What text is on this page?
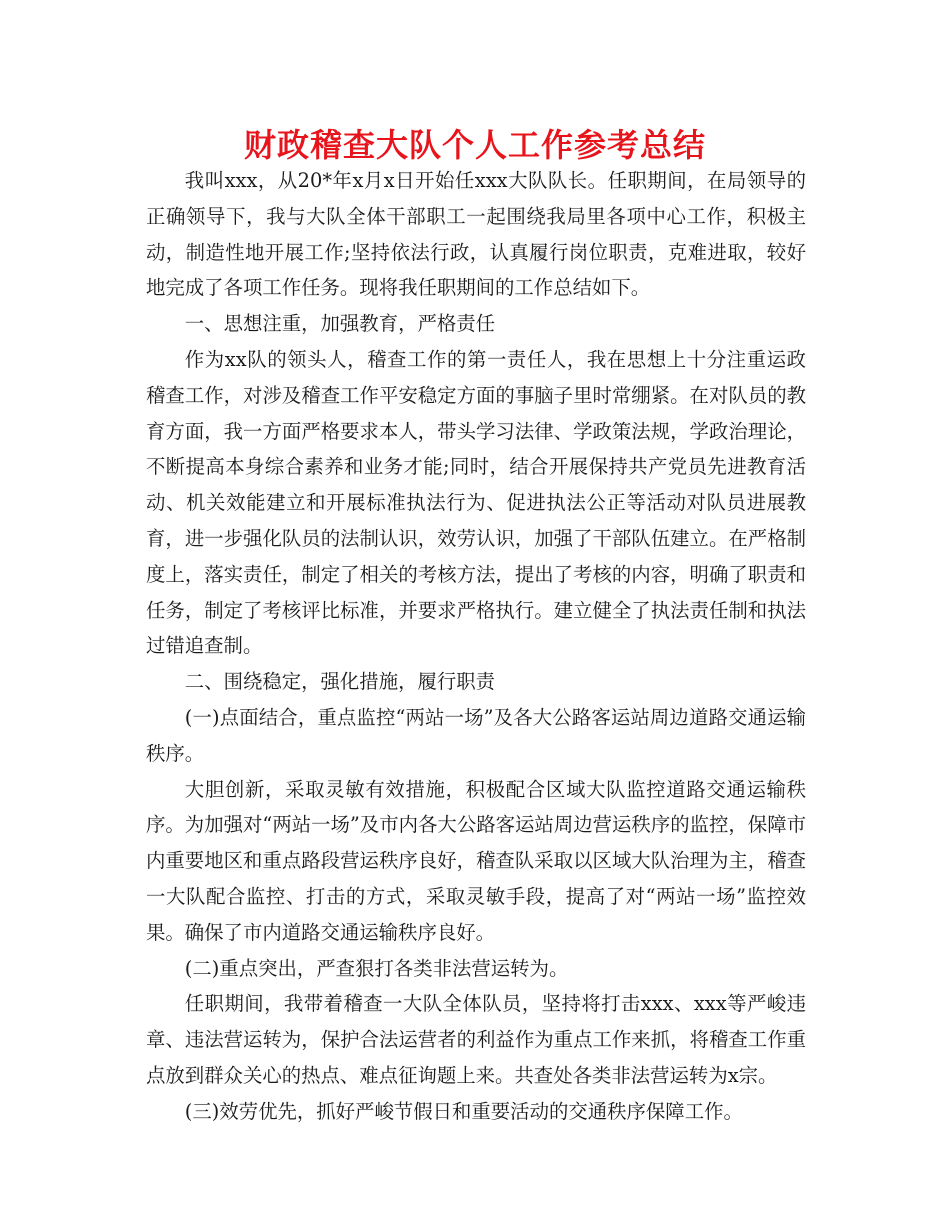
财政稽查大队个人工作参考总结

我叫xxx，从20*年x月x日开始任xxx大队队长。任职期间，在局领导的正确领导下，我与大队全体干部职工一起围绕我局里各项中心工作，积极主动，制造性地开展工作;坚持依法行政，认真履行岗位职责，克难进取，较好地完成了各项工作任务。现将我任职期间的工作总结如下。

一、思想注重，加强教育，严格责任

作为xx队的领头人，稽查工作的第一责任人，我在思想上十分注重运政稽查工作，对涉及稽查工作平安稳定方面的事脑子里时常绷紧。在对队员的教育方面，我一方面严格要求本人，带头学习法律、学政策法规，学政治理论，不断提高本身综合素养和业务才能;同时，结合开展保持共产党员先进教育活动、机关效能建立和开展标准执法行为、促进执法公正等活动对队员进展教育，进一步强化队员的法制认识，效劳认识，加强了干部队伍建立。在严格制度上，落实责任，制定了相关的考核方法，提出了考核的内容，明确了职责和任务，制定了考核评比标准，并要求严格执行。建立健全了执法责任制和执法过错追查制。

二、围绕稳定，强化措施，履行职责

(一)点面结合，重点监控“两站一场”及各大公路客运站周边道路交通运输秩序。

大胆创新，采取灵敏有效措施，积极配合区域大队监控道路交通运输秩序。为加强对“两站一场”及市内各大公路客运站周边营运秩序的监控，保障市内重要地区和重点路段营运秩序良好，稽查队采取以区域大队治理为主，稽查一大队配合监控、打击的方式，采取灵敏手段，提高了对“两站一场”监控效果。确保了市内道路交通运输秩序良好。

(二)重点突出，严查狠打各类非法营运转为。

任职期间，我带着稽查一大队全体队员，坚持将打击xxx、xxx等严峻违章、违法营运转为，保护合法运营者的利益作为重点工作来抓，将稽查工作重点放到群众关心的热点、难点征询题上来。共查处各类非法营运转为x宗。

(三)效劳优先，抓好严峻节假日和重要活动的交通秩序保障工作。
